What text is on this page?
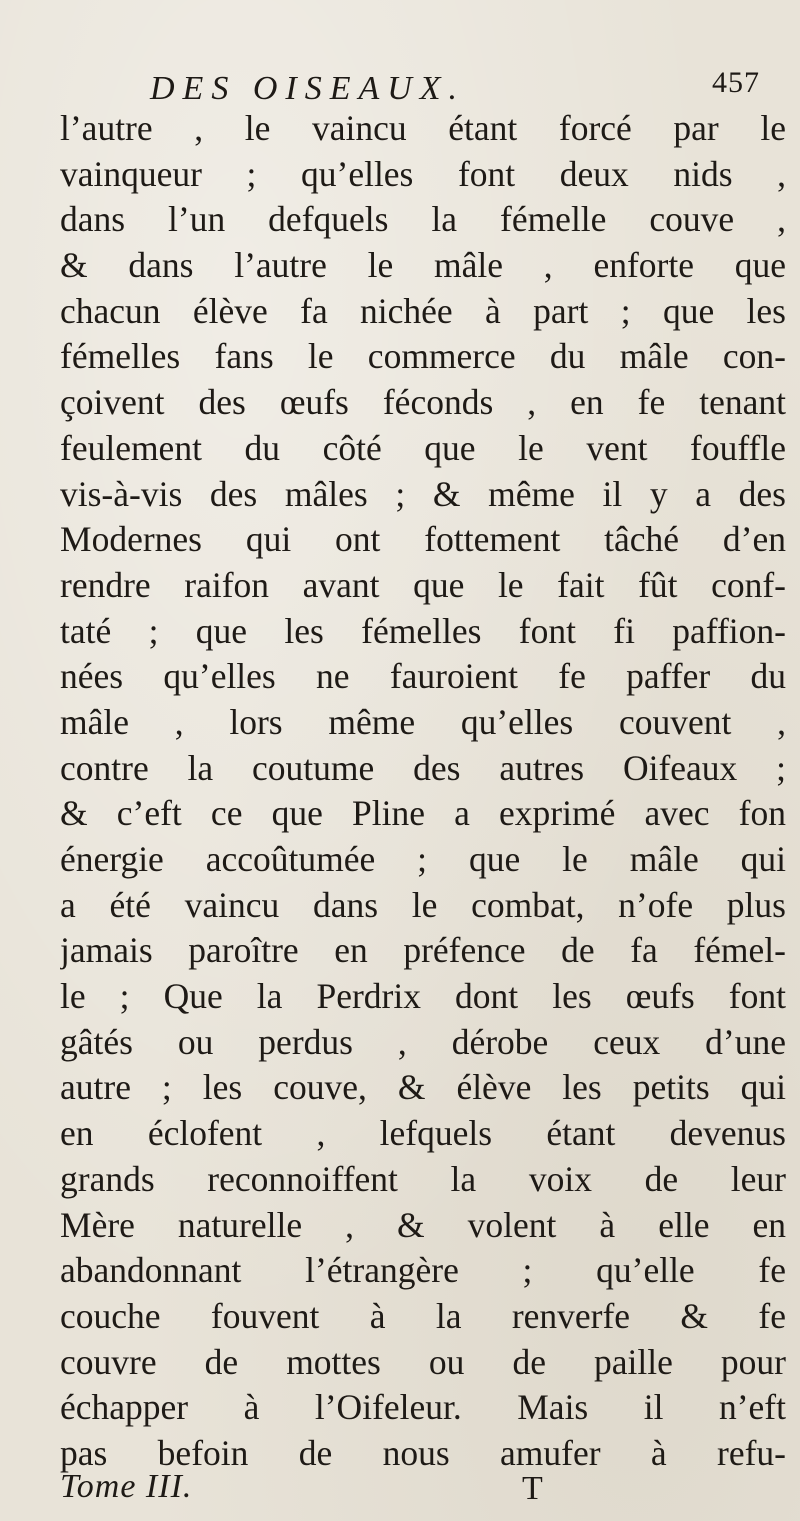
DES OISEAUX.	457
l’autre , le vaincu étant forcé par le
vainqueur ; qu’elles font deux nids ,
dans l’un defquels la fémelle couve ,
& dans l’autre le mâle , enforte que
chacun élève fa nichée à part ; que les
fémelles fans le commerce du mâle con-
çoivent des œufs féconds , en fe tenant
feulement du côté que le vent fouffle
vis-à-vis des mâles ; & même il y a des
Modernes qui ont fottement tâché d’en
rendre raifon avant que le fait fût conf-
taté ; que les fémelles font fi paffion-
nées qu’elles ne fauroient fe paffer du
mâle , lors même qu’elles couvent ,
contre la coutume des autres Oifeaux ;
& c’eft ce que Pline a exprimé avec fon
énergie accoûtumée ; que le mâle qui
a été vaincu dans le combat, n’ofe plus
jamais paroître en préfence de fa fémel-
le ; Que la Perdrix dont les œufs font
gâtés ou perdus , dérobe ceux d’une
autre ; les couve, & élève les petits qui
en éclofent , lefquels étant devenus
grands reconnoiffent la voix de leur
Mère naturelle , & volent à elle en
abandonnant l’étrangère ; qu’elle fe
couche fouvent à la renverfe & fe
couvre de mottes ou de paille pour
échapper à l’Oifeleur. Mais il n’eft
pas befoin de nous amufer à refu-
Tome III.	T
